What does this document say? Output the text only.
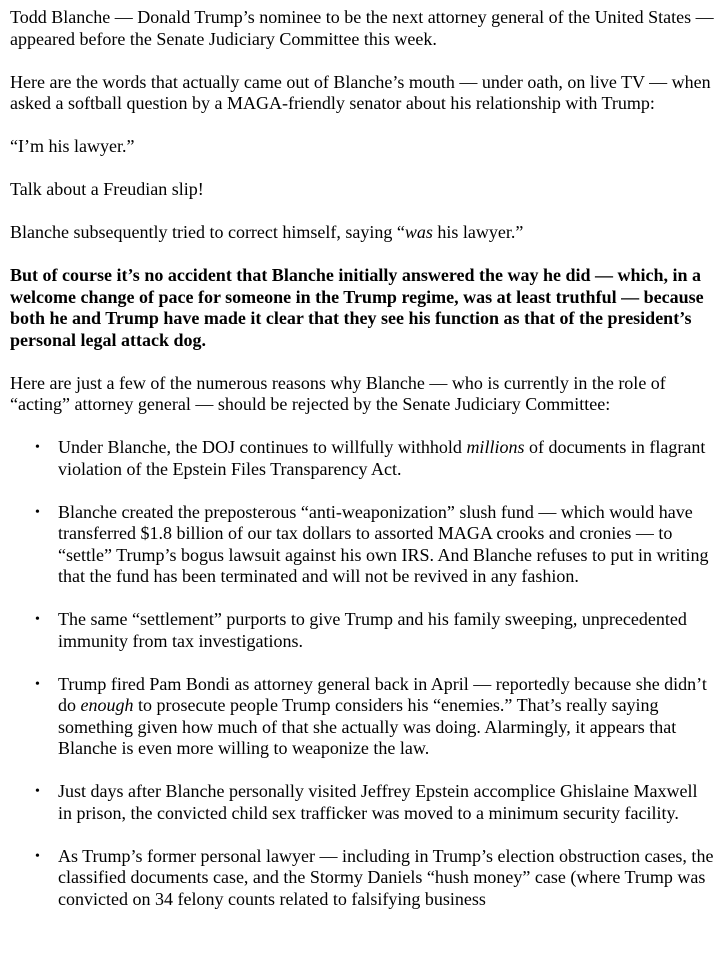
Todd Blanche — Donald Trump’s nominee to be the next attorney general of the United States — appeared before the Senate Judiciary Committee this week.

Here are the words that actually came out of Blanche’s mouth — under oath, on live TV — when asked a softball question by a MAGA-friendly senator about his relationship with Trump:

“I’m his lawyer.”

Talk about a Freudian slip!

Blanche subsequently tried to correct himself, saying “was his lawyer.”

But of course it’s no accident that Blanche initially answered the way he did — which, in a welcome change of pace for someone in the Trump regime, was at least truthful — because both he and Trump have made it clear that they see his function as that of the president’s personal legal attack dog.

Here are just a few of the numerous reasons why Blanche — who is currently in the role of “acting” attorney general — should be rejected by the Senate Judiciary Committee:

• Under Blanche, the DOJ continues to willfully withhold millions of documents in flagrant violation of the Epstein Files Transparency Act.
• Blanche created the preposterous “anti-weaponization” slush fund — which would have transferred $1.8 billion of our tax dollars to assorted MAGA crooks and cronies — to “settle” Trump’s bogus lawsuit against his own IRS. And Blanche refuses to put in writing that the fund has been terminated and will not be revived in any fashion.
• The same “settlement” purports to give Trump and his family sweeping, unprecedented immunity from tax investigations.
• Trump fired Pam Bondi as attorney general back in April — reportedly because she didn’t do enough to prosecute people Trump considers his “enemies.” That’s really saying something given how much of that she actually was doing. Alarmingly, it appears that Blanche is even more willing to weaponize the law.
• Just days after Blanche personally visited Jeffrey Epstein accomplice Ghislaine Maxwell in prison, the convicted child sex trafficker was moved to a minimum security facility.
• As Trump’s former personal lawyer — including in Trump’s election obstruction cases, the classified documents case, and the Stormy Daniels “hush money” case (where Trump was convicted on 34 felony counts related to falsifying business
